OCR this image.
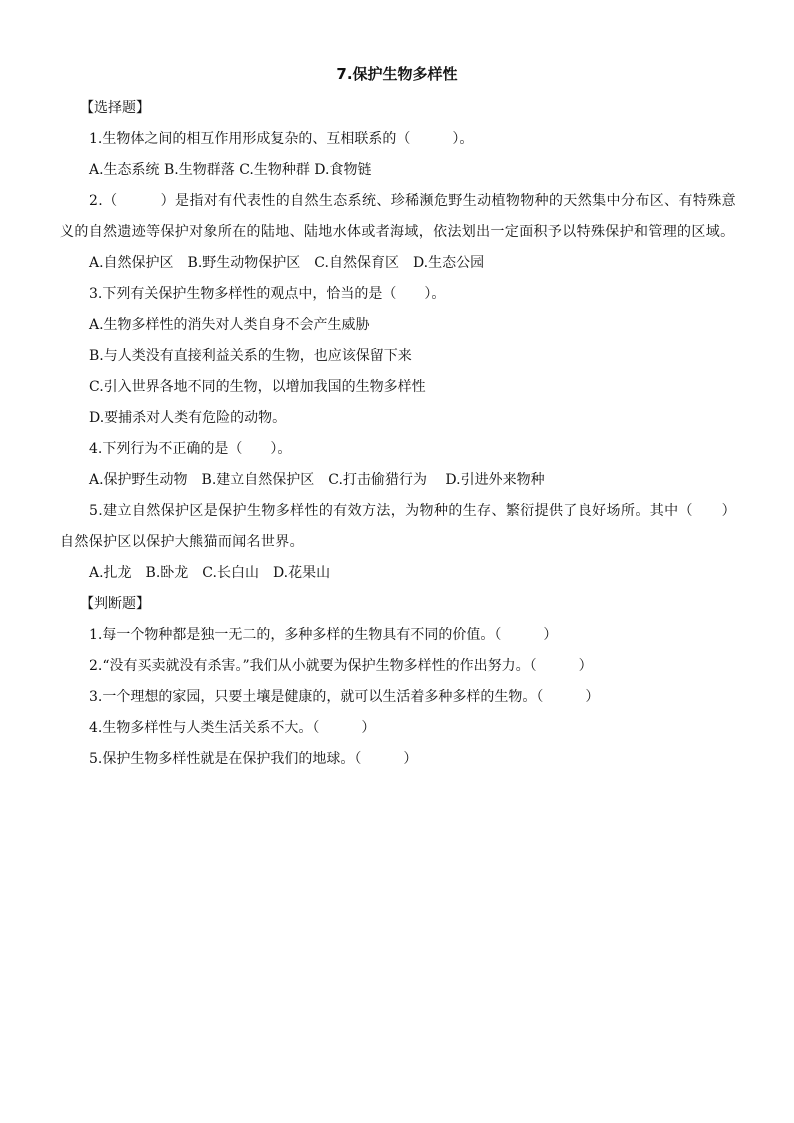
7.保护生物多样性

【选择题】

1.生物体之间的相互作用形成复杂的、互相联系的（　　　）。

A.生态系统 B.生物群落 C.生物种群 D.食物链

2.（　　　）是指对有代表性的自然生态系统、珍稀濒危野生动植物物种的天然集中分布区、有特殊意义的自然遗迹等保护对象所在的陆地、陆地水体或者海域，依法划出一定面积予以特殊保护和管理的区域。

A.自然保护区　B.野生动物保护区　C.自然保育区　D.生态公园

3.下列有关保护生物多样性的观点中，恰当的是（　　）。

A.生物多样性的消失对人类自身不会产生威胁

B.与人类没有直接利益关系的生物，也应该保留下来

C.引入世界各地不同的生物，以增加我国的生物多样性

D.要捕杀对人类有危险的动物。

4.下列行为不正确的是（　　）。

A.保护野生动物　B.建立自然保护区　C.打击偷猎行为　 D.引进外来物种

5.建立自然保护区是保护生物多样性的有效方法，为物种的生存、繁衍提供了良好场所。其中（　　）自然保护区以保护大熊猫而闻名世界。

A.扎龙　B.卧龙　C.长白山　D.花果山

【判断题】

1.每一个物种都是独一无二的，多种多样的生物具有不同的价值。（　　　）

2.“没有买卖就没有杀害。”我们从小就要为保护生物多样性的作出努力。（　　　）

3.一个理想的家园，只要土壤是健康的，就可以生活着多种多样的生物。（　　　）

4.生物多样性与人类生活关系不大。（　　　）

5.保护生物多样性就是在保护我们的地球。（　　　）
